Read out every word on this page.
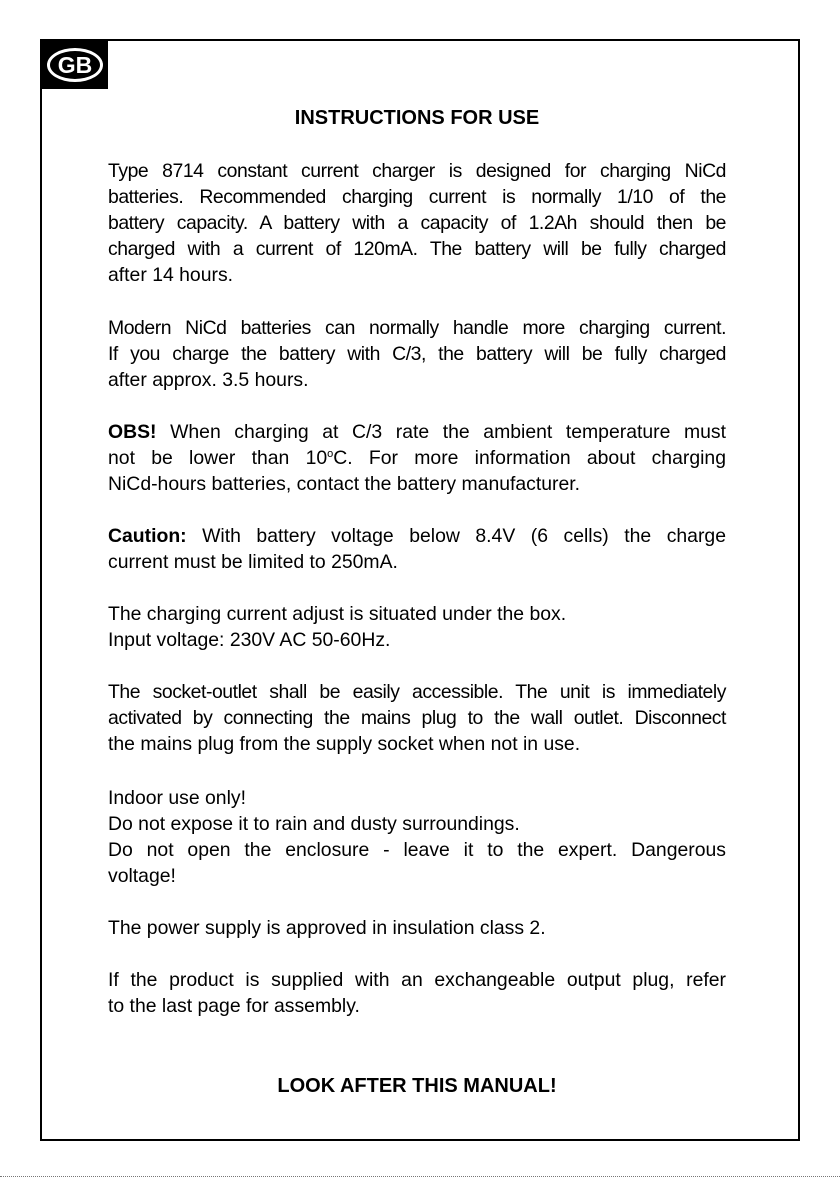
GB
INSTRUCTIONS FOR USE

Type 8714 constant current charger is designed for charging NiCd
batteries. Recommended charging current is normally 1/10 of the
battery capacity. A battery with a capacity of 1.2Ah should then be
charged with a current of 120mA. The battery will be fully charged
after 14 hours.

Modern NiCd batteries can normally handle more charging current.
If you charge the battery with C/3, the battery will be fully charged
after approx. 3.5 hours.

OBS! When charging at C/3 rate the ambient temperature must
not be lower than 10$^o$C. For more information about charging
NiCd-hours batteries, contact the battery manufacturer.

Caution: With battery voltage below 8.4V (6 cells) the charge
current must be limited to 250mA.

The charging current adjust is situated under the box.
Input voltage: 230V AC 50-60Hz.

The socket-outlet shall be easily accessible. The unit is immediately
activated by connecting the mains plug to the wall outlet. Disconnect
the mains plug from the supply socket when not in use.

Indoor use only!
Do not expose it to rain and dusty surroundings.
Do not open the enclosure - leave it to the expert. Dangerous
voltage!

The power supply is approved in insulation class 2.

If the product is supplied with an exchangeable output plug, refer
to the last page for assembly.

LOOK AFTER THIS MANUAL!
